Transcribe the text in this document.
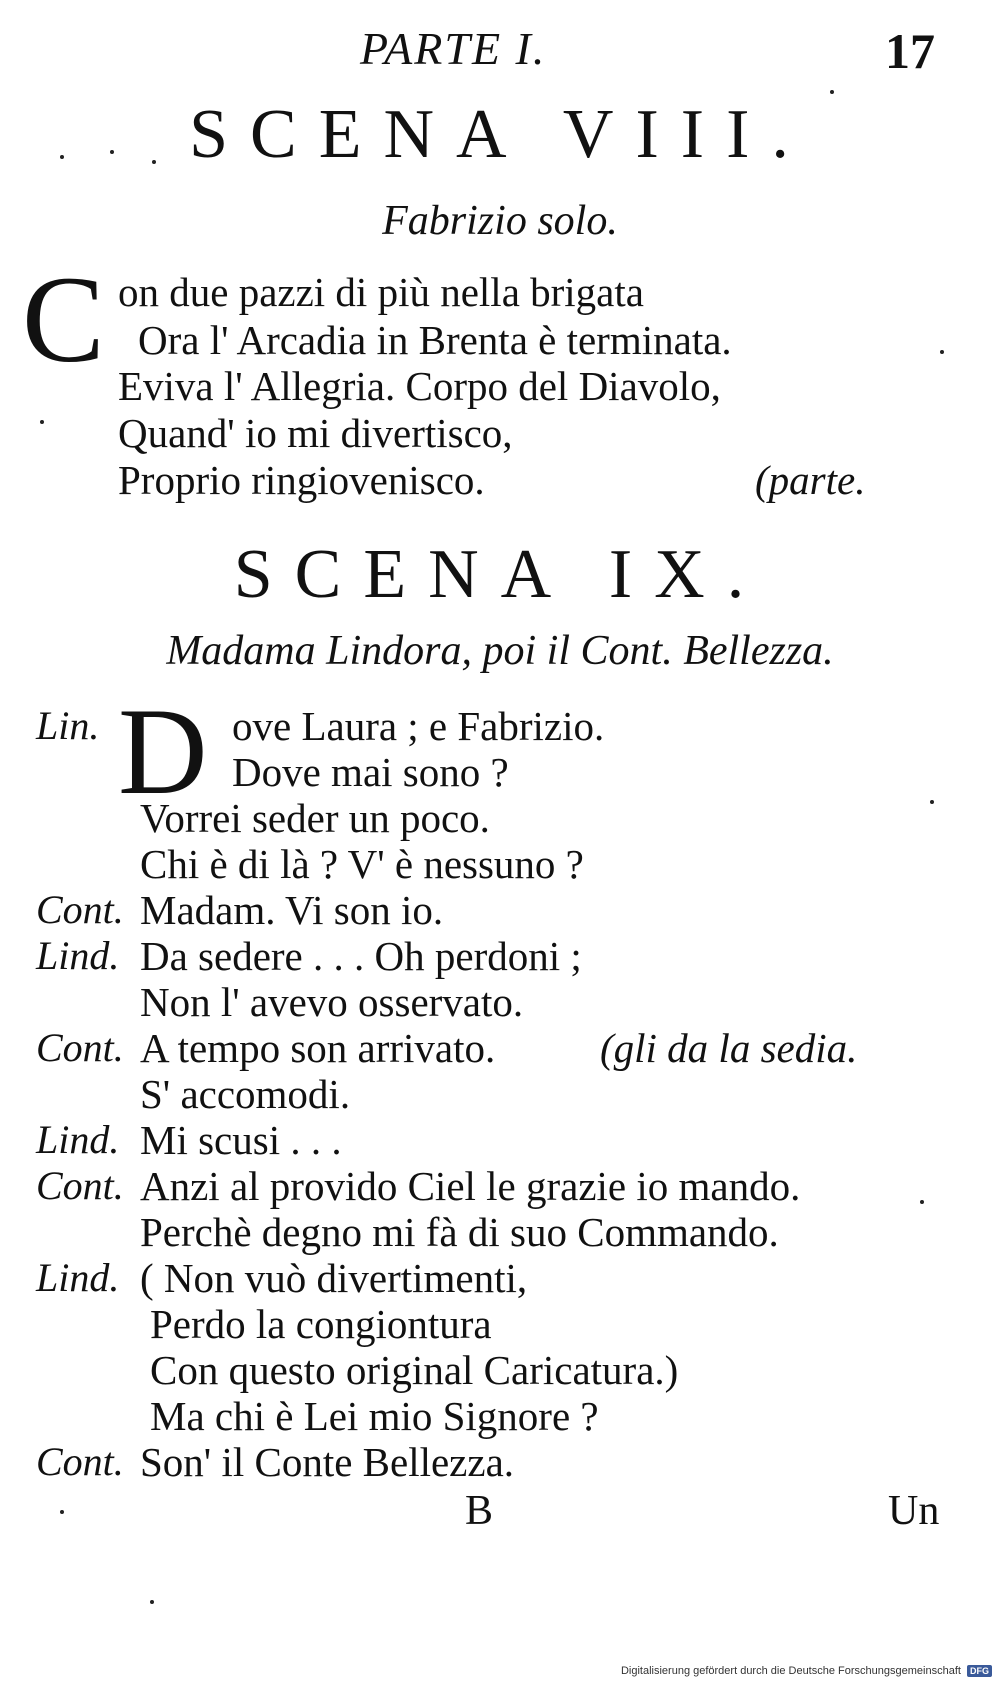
PARTE I.	17
SCENA VIII.
Fabrizio solo.
C on due pazzi di più nella brigata
Ora l' Arcadia in Brenta è terminata.
Eviva l' Allegria. Corpo del Diavolo,
Quand' io mi divertisco,
Proprio ringiovenisco.	(parte.
SCENA IX.
Madama Lindora, poi il Cont. Bellezza.
D
Lin.	ove Laura ; e Fabrizio.
Dove mai sono ?
Vorrei seder un poco.
Chi è di là ? V' è nessuno ?
Cont. Madam. Vi son io.
Lind. Da sedere . . . Oh perdoni ;
Non l' avevo osservato.
Cont. A tempo son arrivato.	(gli da la sedia.
S' accomodi.
Lind. Mi scusi . . .
Cont. Anzi al provido Ciel le grazie io mando.
Perchè degno mi fà di suo Commando.
Lind. ( Non vuò divertimenti,
Perdo la congiontura
Con questo original Caricatura.)
Ma chi è Lei mio Signore ?
Cont. Son' il Conte Bellezza.
B	Un
Digitalisierung gefördert durch die Deutsche Forschungsgemeinschaft DFG
